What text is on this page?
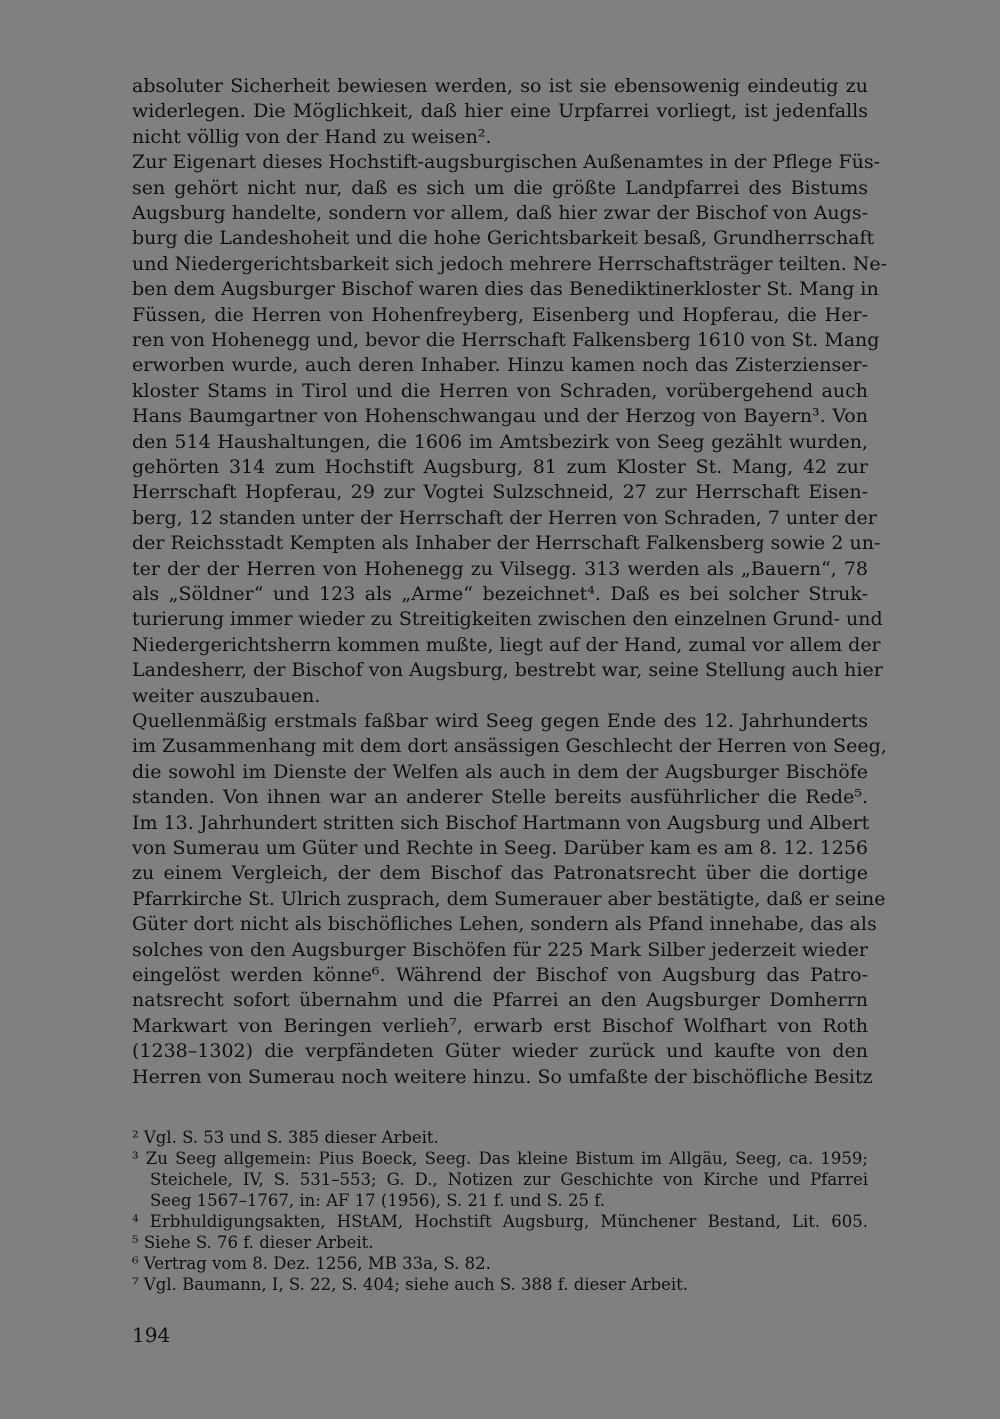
absoluter Sicherheit bewiesen werden, so ist sie ebensowenig eindeutig zu
widerlegen. Die Möglichkeit, daß hier eine Urpfarrei vorliegt, ist jedenfalls
nicht völlig von der Hand zu weisen².
Zur Eigenart dieses Hochstift-augsburgischen Außenamtes in der Pflege Füs-
sen gehört nicht nur, daß es sich um die größte Landpfarrei des Bistums
Augsburg handelte, sondern vor allem, daß hier zwar der Bischof von Augs-
burg die Landeshoheit und die hohe Gerichtsbarkeit besaß, Grundherrschaft
und Niedergerichtsbarkeit sich jedoch mehrere Herrschaftsträger teilten. Ne-
ben dem Augsburger Bischof waren dies das Benediktinerkloster St. Mang in
Füssen, die Herren von Hohenfreyberg, Eisenberg und Hopferau, die Her-
ren von Hohenegg und, bevor die Herrschaft Falkensberg 1610 von St. Mang
erworben wurde, auch deren Inhaber. Hinzu kamen noch das Zisterzienser-
kloster Stams in Tirol und die Herren von Schraden, vorübergehend auch
Hans Baumgartner von Hohenschwangau und der Herzog von Bayern³. Von
den 514 Haushaltungen, die 1606 im Amtsbezirk von Seeg gezählt wurden,
gehörten 314 zum Hochstift Augsburg, 81 zum Kloster St. Mang, 42 zur
Herrschaft Hopferau, 29 zur Vogtei Sulzschneid, 27 zur Herrschaft Eisen-
berg, 12 standen unter der Herrschaft der Herren von Schraden, 7 unter der
der Reichsstadt Kempten als Inhaber der Herrschaft Falkensberg sowie 2 un-
ter der der Herren von Hohenegg zu Vilsegg. 313 werden als „Bauern“, 78
als „Söldner“ und 123 als „Arme“ bezeichnet⁴. Daß es bei solcher Struk-
turierung immer wieder zu Streitigkeiten zwischen den einzelnen Grund- und
Niedergerichtsherrn kommen mußte, liegt auf der Hand, zumal vor allem der
Landesherr, der Bischof von Augsburg, bestrebt war, seine Stellung auch hier
weiter auszubauen.
Quellenmäßig erstmals faßbar wird Seeg gegen Ende des 12. Jahrhunderts
im Zusammenhang mit dem dort ansässigen Geschlecht der Herren von Seeg,
die sowohl im Dienste der Welfen als auch in dem der Augsburger Bischöfe
standen. Von ihnen war an anderer Stelle bereits ausführlicher die Rede⁵.
Im 13. Jahrhundert stritten sich Bischof Hartmann von Augsburg und Albert
von Sumerau um Güter und Rechte in Seeg. Darüber kam es am 8. 12. 1256
zu einem Vergleich, der dem Bischof das Patronatsrecht über die dortige
Pfarrkirche St. Ulrich zusprach, dem Sumerauer aber bestätigte, daß er seine
Güter dort nicht als bischöfliches Lehen, sondern als Pfand innehabe, das als
solches von den Augsburger Bischöfen für 225 Mark Silber jederzeit wieder
eingelöst werden könne⁶. Während der Bischof von Augsburg das Patro-
natsrecht sofort übernahm und die Pfarrei an den Augsburger Domherrn
Markwart von Beringen verlieh⁷, erwarb erst Bischof Wolfhart von Roth
(1238–1302) die verpfändeten Güter wieder zurück und kaufte von den
Herren von Sumerau noch weitere hinzu. So umfaßte der bischöfliche Besitz
² Vgl. S. 53 und S. 385 dieser Arbeit.
³ Zu Seeg allgemein: Pius Boeck, Seeg. Das kleine Bistum im Allgäu, Seeg, ca. 1959;
Steichele, IV, S. 531–553; G. D., Notizen zur Geschichte von Kirche und Pfarrei
Seeg 1567–1767, in: AF 17 (1956), S. 21 f. und S. 25 f.
⁴ Erbhuldigungsakten, HStAM, Hochstift Augsburg, Münchener Bestand, Lit. 605.
⁵ Siehe S. 76 f. dieser Arbeit.
⁶ Vertrag vom 8. Dez. 1256, MB 33a, S. 82.
⁷ Vgl. Baumann, I, S. 22, S. 404; siehe auch S. 388 f. dieser Arbeit.
194
